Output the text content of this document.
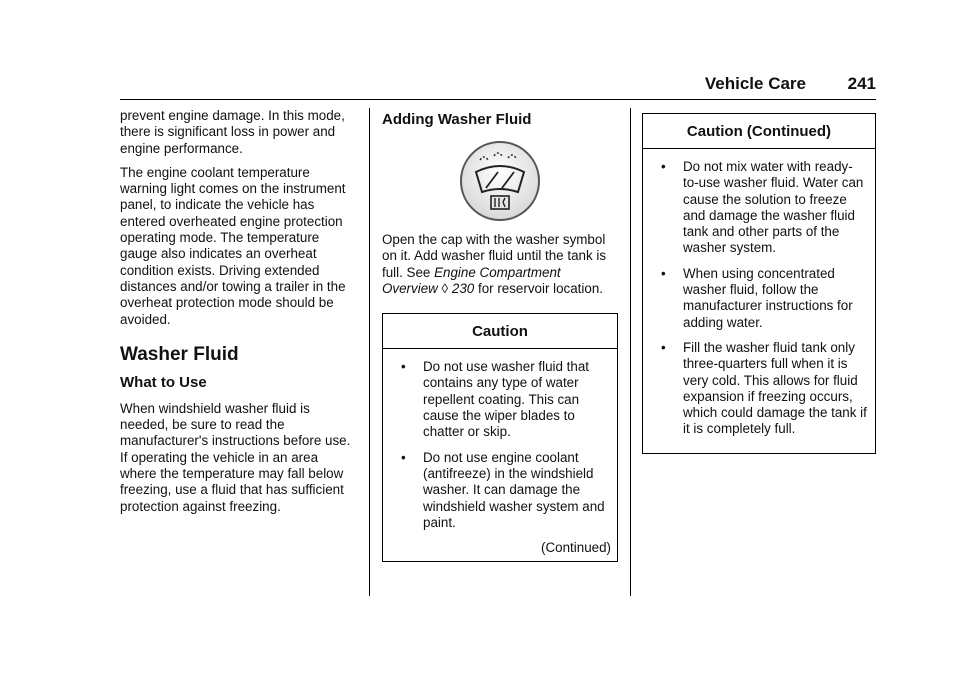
Vehicle Care 241

prevent engine damage. In this mode, there is significant loss in power and engine performance.

The engine coolant temperature warning light comes on the instrument panel, to indicate the vehicle has entered overheated engine protection operating mode. The temperature gauge also indicates an overheat condition exists. Driving extended distances and/or towing a trailer in the overheat protection mode should be avoided.

Washer Fluid
What to Use

When windshield washer fluid is needed, be sure to read the manufacturer's instructions before use. If operating the vehicle in an area where the temperature may fall below freezing, use a fluid that has sufficient protection against freezing.

Adding Washer Fluid

Open the cap with the washer symbol on it. Add washer fluid until the tank is full. See Engine Compartment Overview ◊ 230 for reservoir location.

Caution
• Do not use washer fluid that contains any type of water repellent coating. This can cause the wiper blades to chatter or skip.
• Do not use engine coolant (antifreeze) in the windshield washer. It can damage the windshield washer system and paint.
(Continued)
Caution (Continued)
• Do not mix water with ready-to-use washer fluid. Water can cause the solution to freeze and damage the washer fluid tank and other parts of the washer system.
• When using concentrated washer fluid, follow the manufacturer instructions for adding water.
• Fill the washer fluid tank only three-quarters full when it is very cold. This allows for fluid expansion if freezing occurs, which could damage the tank if it is completely full.
